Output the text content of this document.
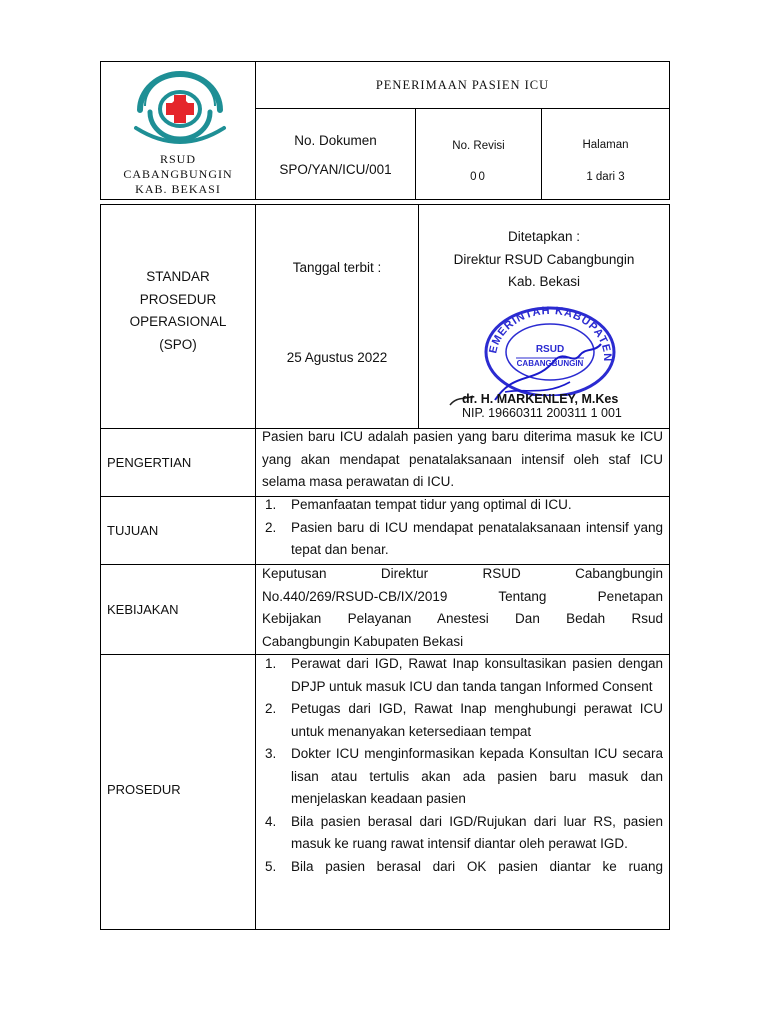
RSUD
CABANGBUNGIN
KAB. BEKASI
PENERIMAAN PASIEN ICU
No. Dokumen
SPO/YAN/ICU/001
No. Revisi
00
Halaman
1 dari 3
STANDAR
PROSEDUR
OPERASIONAL
(SPO)
Tanggal terbit :
25 Agustus 2022
Ditetapkan :
Direktur RSUD Cabangbungin
Kab. Bekasi
EMERINTAH KABUPATEN
RSUD
CABANGBUNGIN
dr. H. MARKENLEY, M.Kes
NIP. 19660311 200311 1 001
PENGERTIAN
Pasien baru ICU adalah pasien yang baru diterima masuk ke ICU yang akan mendapat penatalaksanaan intensif oleh staf ICU selama masa perawatan di ICU.
TUJUAN
1. Pemanfaatan tempat tidur yang optimal di ICU.
2. Pasien baru di ICU mendapat penatalaksanaan intensif yang tepat dan benar.
KEBIJAKAN
Keputusan Direktur RSUD Cabangbungin
No.440/269/RSUD-CB/IX/2019 Tentang Penetapan
Kebijakan Pelayanan Anestesi Dan Bedah Rsud
Cabangbungin Kabupaten Bekasi
PROSEDUR
1. Perawat dari IGD, Rawat Inap konsultasikan pasien dengan DPJP untuk masuk ICU dan tanda tangan Informed Consent
2. Petugas dari IGD, Rawat Inap menghubungi perawat ICU untuk menanyakan ketersediaan tempat
3. Dokter ICU menginformasikan kepada Konsultan ICU secara lisan atau tertulis akan ada pasien baru masuk dan menjelaskan keadaan pasien
4. Bila pasien berasal dari IGD/Rujukan dari luar RS, pasien masuk ke ruang rawat intensif diantar oleh perawat IGD.
5. Bila pasien berasal dari OK pasien diantar ke ruang
